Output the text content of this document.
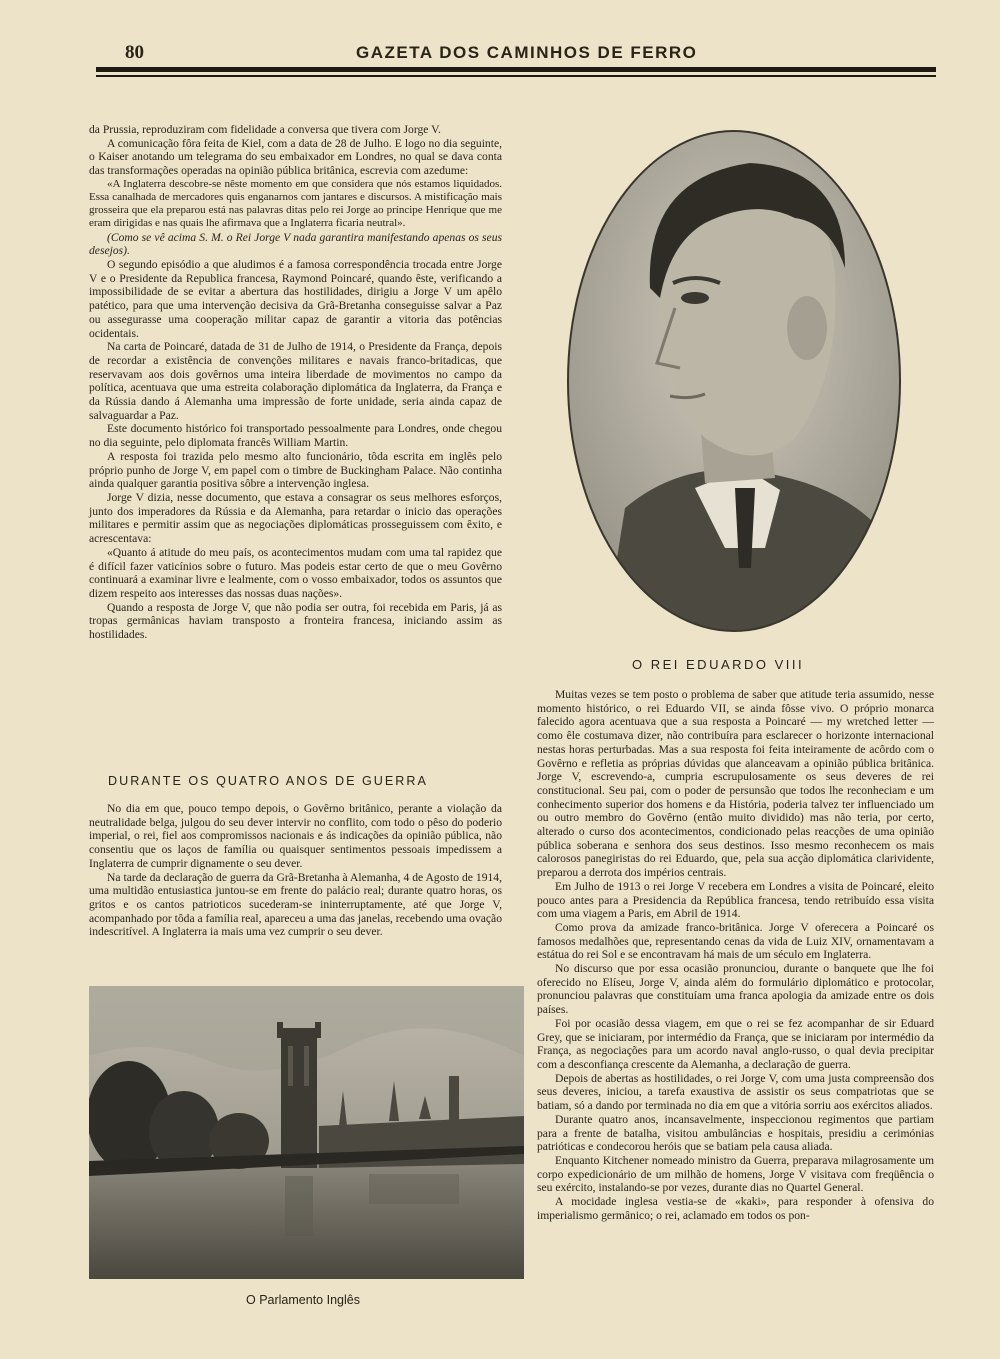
80	GAZETA DOS CAMINHOS DE FERRO

da Prussia, reproduziram com fidelidade a conversa que tivera com Jorge V.

A comunicação fôra feita de Kiel, com a data de 28 de Julho. E logo no dia seguinte, o Kaiser anotando um telegrama do seu embaixador em Londres, no qual se dava conta das transformações operadas na opinião pública britânica, escrevia com azedume:

«A Inglaterra descobre-se nêste momento em que considera que nós estamos liquidados. Essa canalhada de mercadores quis enganarnos com jantares e discursos. A mistificação mais grosseira que ela preparou está nas palavras ditas pelo rei Jorge ao príncipe Henrique que me eram dirigidas e nas quais lhe afirmava que a Inglaterra ficaria neutral».

(Como se vê acima S. M. o Rei Jorge V nada garantira manifestando apenas os seus desejos).

O segundo episódio a que aludimos é a famosa correspondência trocada entre Jorge V e o Presidente da Republica francesa, Raymond Poincaré, quando êste, verificando a impossibilidade de se evitar a abertura das hostilidades, dirigiu a Jorge V um apêlo patético, para que uma intervenção decisiva da Grã-Bretanha conseguisse salvar a Paz ou assegurasse uma cooperação militar capaz de garantir a vitoria das potências ocidentais.

Na carta de Poincaré, datada de 31 de Julho de 1914, o Presidente da França, depois de recordar a existência de convenções militares e navais franco-britadicas, que reservavam aos dois govêrnos uma inteira liberdade de movimentos no campo da política, acentuava que uma estreita colaboração diplomática da Inglaterra, da França e da Rússia dando á Alemanha uma impressão de forte unidade, seria ainda capaz de salvaguardar a Paz.

Este documento histórico foi transportado pessoalmente para Londres, onde chegou no dia seguinte, pelo diplomata francês William Martin.

A resposta foi trazida pelo mesmo alto funcionário, tôda escrita em inglês pelo próprio punho de Jorge V, em papel com o timbre de Buckingham Palace. Não continha ainda qualquer garantia positiva sôbre a intervenção inglesa.

Jorge V dizia, nesse documento, que estava a consagrar os seus melhores esforços, junto dos imperadores da Rússia e da Alemanha, para retardar o inicio das operações militares e permitir assim que as negociações diplomáticas prosseguissem com êxito, e acrescentava:

«Quanto á atitude do meu país, os acontecimentos mudam com uma tal rapidez que é difícil fazer vaticínios sobre o futuro. Mas podeis estar certo de que o meu Govêrno continuará a examinar livre e lealmente, com o vosso embaixador, todos os assuntos que dizem respeito aos interesses das nossas duas nações».

Quando a resposta de Jorge V, que não podia ser outra, foi recebida em Paris, já as tropas germânicas haviam transposto a fronteira francesa, iniciando assim as hostilidades.

DURANTE OS QUATRO ANOS DE GUERRA

No dia em que, pouco tempo depois, o Govêrno britânico, perante a violação da neutralidade belga, julgou do seu dever intervir no conflito, com todo o pêso do poderio imperial, o rei, fiel aos compromissos nacionais e ás indicações da opinião pública, não consentiu que os laços de família ou quaisquer sentimentos pessoais impedissem a Inglaterra de cumprir dignamente o seu dever.

Na tarde da declaração de guerra da Grã-Bretanha à Alemanha, 4 de Agosto de 1914, uma multidão entusiastica juntou-se em frente do palácio real; durante quatro horas, os gritos e os cantos patrioticos sucederam-se ininterruptamente, até que Jorge V, acompanhado por tôda a família real, apareceu a uma das janelas, recebendo uma ovação indescritível. A Inglaterra ia mais uma vez cumprir o seu dever.

O Parlamento Inglês
O REI EDUARDO VIII

Muitas vezes se tem posto o problema de saber que atitude teria assumido, nesse momento histórico, o rei Eduardo VII, se ainda fôsse vivo. O próprio monarca falecido agora acentuava que a sua resposta a Poincaré — my wretched letter — como êle costumava dizer, não contribuíra para esclarecer o horizonte internacional nestas horas perturbadas. Mas a sua resposta foi feita inteiramente de acôrdo com o Govêrno e refletia as próprias dúvidas que alanceavam a opinião pública britânica. Jorge V, escrevendo-a, cumpria escrupulosamente os seus deveres de rei constitucional. Seu pai, com o poder de persunsão que todos lhe reconheciam e um conhecimento superior dos homens e da História, poderia talvez ter influenciado um ou outro membro do Govêrno (então muito dividido) mas não teria, por certo, alterado o curso dos acontecimentos, condicionado pelas reacções de uma opinião pública soberana e senhora dos seus destinos. Isso mesmo reconhecem os mais calorosos panegiristas do rei Eduardo, que, pela sua acção diplomática clarividente, preparou a derrota dos impérios centrais.

Em Julho de 1913 o rei Jorge V recebera em Londres a visita de Poincaré, eleito pouco antes para a Presidencia da República francesa, tendo retribuído essa visita com uma viagem a Paris, em Abril de 1914.

Como prova da amizade franco-britânica. Jorge V oferecera a Poincaré os famosos medalhões que, representando cenas da vida de Luiz XIV, ornamentavam a estátua do rei Sol e se encontravam há mais de um século em Inglaterra.

No discurso que por essa ocasião pronunciou, durante o banquete que lhe foi oferecido no Elíseu, Jorge V, ainda além do formulário diplomático e protocolar, pronunciou palavras que constituíam uma franca apologia da amizade entre os dois países.

Foi por ocasião dessa viagem, em que o rei se fez acompanhar de sir Eduard Grey, que se iniciaram, por intermédio da França, que se iniciaram por intermédio da França, as negociações para um acordo naval anglo-russo, o qual devia precipitar com a desconfiança crescente da Alemanha, a declaração de guerra.

Depois de abertas as hostilidades, o rei Jorge V, com uma justa compreensão dos seus deveres, iniciou, a tarefa exaustiva de assistir os seus compatriotas que se batiam, só a dando por terminada no dia em que a vitória sorriu aos exércitos aliados.

Durante quatro anos, incansavelmente, inspeccionou regimentos que partiam para a frente de batalha, visitou ambulâncias e hospitais, presidiu a cerimónias patrióticas e condecorou heróis que se batiam pela causa aliada.

Enquanto Kitchener nomeado ministro da Guerra, preparava milagrosamente um corpo expedicionário de um milhão de homens, Jorge V visitava com freqüência o seu exército, instalando-se por vezes, durante dias no Quartel General.

A mocidade inglesa vestia-se de «kaki», para responder à ofensiva do imperialismo germânico; o rei, aclamado em todos os pon-
